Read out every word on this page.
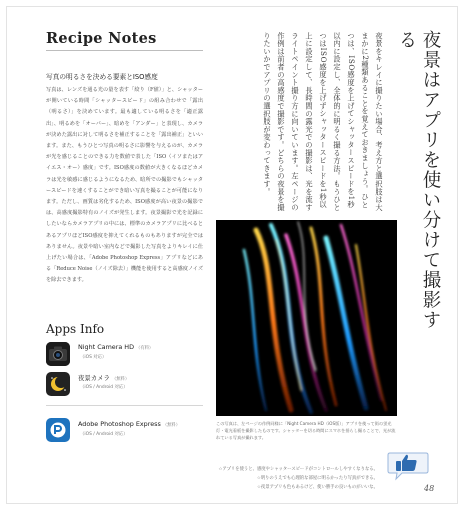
Recipe Notes
写真の明るさを決める要素とISO感度

写真は、レンズを通る光の量を表す「絞り（F値）」と、シャッターが開いている時間「シャッタースピード」の組み合わせで「露出（明るさ）」を決めています。最も適している明るさを「適正露出」、明るめを「オーバー」、暗めを「アンダー」と表現し、カメラが決めた露出に対して明るさを補正することを「露出補正」といいます。また、もうひとつ写真の明るさに影響を与えるのが、カメラが光を感じることのできる力を数値で表した「ISO（イソまたはアイエス・オー）感度」です。ISO感度の数値が大きくなるほどカメラは光を敏感に感じるようになるため、暗所での撮影でもシャッタースピードを速くすることができ暗い写真を撮ることが可能になります。ただし、画質は劣化するため、ISO感度が高い夜景の撮影では、高感度撮影特有のノイズが発生します。夜景撮影で光を記録にしたいならカメラアプリの中には、標準のカメラアプリに比べるとあるアプリほどISO感度を抑えてくれるものもありますが完全ではありません。夜景や暗い室内などで撮影した写真をよりキレイに仕上げたい場合は、「Adobe Photoshop Express」アプリなどにある「Reduce Noise（ノイズ除去）」機能を使用すると高感度ノイズを除去できます。

Apps Info
Night Camera HD （有料）
（iOS 対応）
夜景カメラ （無料）
（iOS / Android 対応）
Adobe Photoshop Express （無料）
（iOS / Android 対応）
夜景はアプリを使い分けて撮影する

夜景をキレイに撮りたい場合、考え方と選択肢は大まかに2種類あることを覚えておきましょう。ひとつは、ISO感度を上げてシャッタースピードを1秒以内に設定し、全体的に明るく撮る方法。もうひとつはISO感度を上げずシャッタースピードを1秒以上に設定して、長時間の露光での撮影は、光を流すライトペイント撮り方に向いています。左ページの作例は前者の高感度で撮影です。どちらの夜景を撮りたいかでアプリの選択肢が変わってきます。

この写真は、左ページの作例同様に「Night Camera HD（iOS版）」アプリを使って街の蛍光灯・電光看板を撮影したものです。シャッターを切る時間にスマホを揺らし撮ることで、光が流れている写真が撮れます。

☆アプリを使うと、感度やシャッタースピードがコントロールしやすくなりなる。
☆明りのうえでも心理的な部屋に明るかったり写真ができる。
☆夜景アプリも色もあるけど、使い勝手の良いものがいいな。	48
